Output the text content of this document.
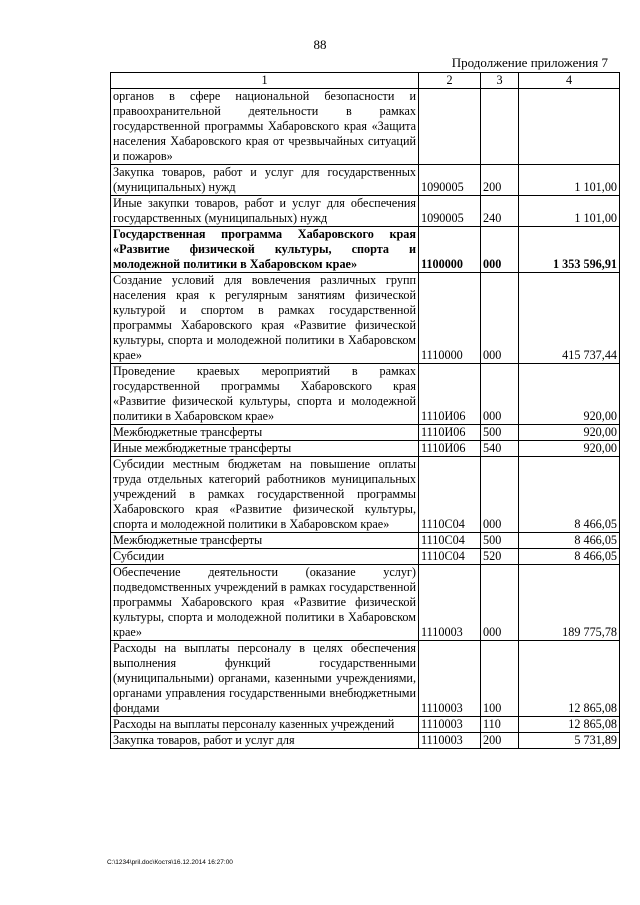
88
Продолжение приложения 7
1	2	3	4
органов в сфере национальной безопасности и правоохранительной деятельности в рамках государственной программы Хабаровского края «Защита населения Хабаровского края от чрезвычайных ситуаций и пожаров»			
Закупка товаров, работ и услуг для государственных (муниципальных) нужд	1090005	200	1 101,00
Иные закупки товаров, работ и услуг для обеспечения государственных (муниципальных) нужд	1090005	240	1 101,00
Государственная программа Хабаровского края «Развитие физической культуры, спорта и молодежной политики в Хабаровском крае»	1100000	000	1 353 596,91
Создание условий для вовлечения различных групп населения края к регулярным занятиям физической культурой и спортом в рамках государственной программы Хабаровского края «Развитие физической культуры, спорта и молодежной политики в Хабаровском крае»	1110000	000	415 737,44
Проведение краевых мероприятий в рамках государственной программы Хабаровского края «Развитие физической культуры, спорта и молодежной политики в Хабаровском крае»	1110И06	000	920,00
Межбюджетные трансферты	1110И06	500	920,00
Иные межбюджетные трансферты	1110И06	540	920,00
Субсидии местным бюджетам на повышение оплаты труда отдельных категорий работников муниципальных учреждений в рамках государственной программы Хабаровского края «Развитие физической культуры, спорта и молодежной политики в Хабаровском крае»	1110С04	000	8 466,05
Межбюджетные трансферты	1110С04	500	8 466,05
Субсидии	1110С04	520	8 466,05
Обеспечение деятельности (оказание услуг) подведомственных учреждений в рамках государственной программы Хабаровского края «Развитие физической культуры, спорта и молодежной политики в Хабаровском крае»	1110003	000	189 775,78
Расходы на выплаты персоналу в целях обеспечения выполнения функций государственными (муниципальными) органами, казенными учреждениями, органами управления государственными внебюджетными фондами	1110003	100	12 865,08
Расходы на выплаты персоналу казенных учреждений	1110003	110	12 865,08
Закупка товаров, работ и услуг для	1110003	200	5 731,89
C:\1234\pril.doc\Костя\16.12.2014 16:27:00
